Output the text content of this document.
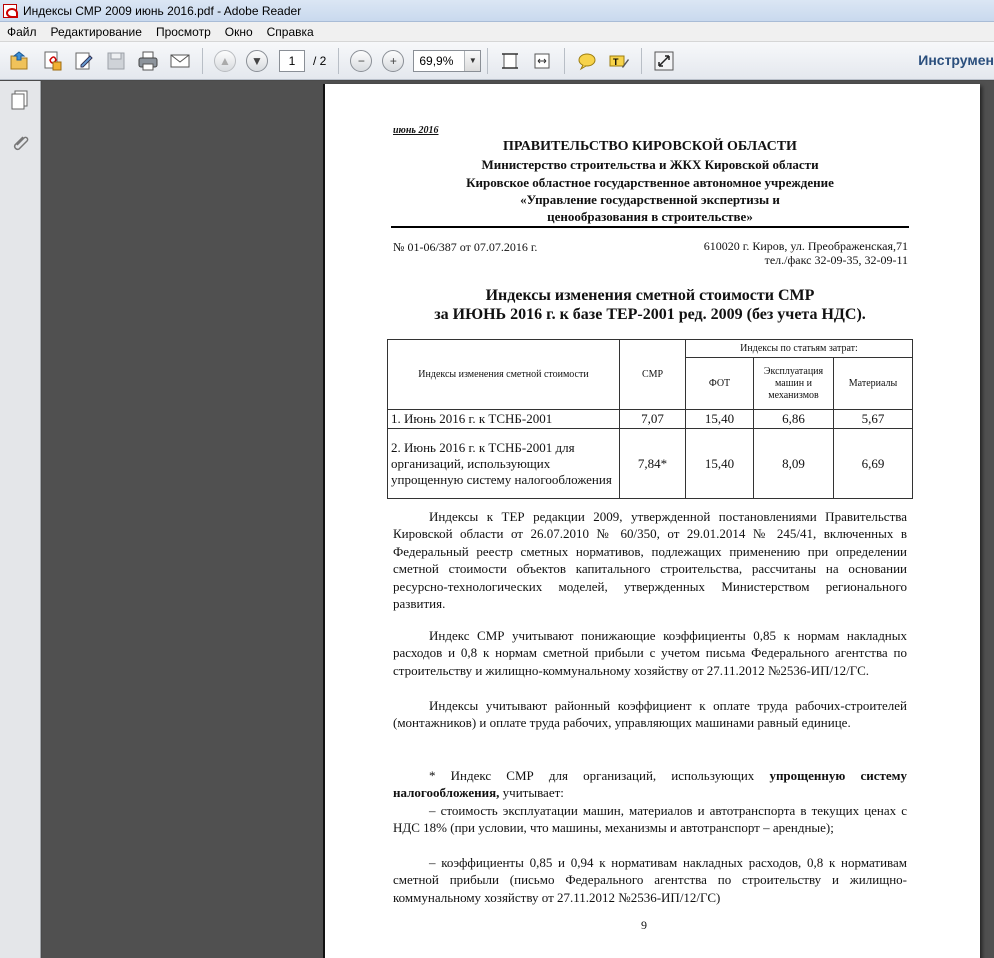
Индексы СМР 2009 июнь 2016.pdf - Adobe Reader
Файл	Редактирование	Просмотр	Окно	Справка
▲	▼	1	/ 2	−	+	69,9%	▼	T	Инструмен
июнь 2016
ПРАВИТЕЛЬСТВО КИРОВСКОЙ ОБЛАСТИ
Министерство строительства и ЖКХ Кировской области
Кировское областное государственное автономное учреждение
«Управление государственной экспертизы и
ценообразования в строительстве»
№ 01-06/387 от 07.07.2016 г.	610020 г. Киров, ул. Преображенская,71
тел./факс 32-09-35, 32-09-11
Индексы изменения сметной стоимости СМР
за ИЮНЬ 2016 г. к базе ТЕР-2001 ред. 2009 (без учета НДС).
Индексы изменения сметной стоимости	СМР	Индексы по статьям затрат:		
		ФОТ	Эксплуатация машин и механизмов	Материалы
1. Июнь 2016 г. к ТСНБ-2001	7,07	15,40	6,86	5,67
2. Июнь 2016 г. к ТСНБ-2001 для организаций, использующих упрощенную систему налогообложения	7,84*	15,40	8,09	6,69
Индексы к ТЕР редакции 2009, утвержденной постановлениями Правительства Кировской области от 26.07.2010 № 60/350, от 29.01.2014 № 245/41, включенных в Федеральный реестр сметных нормативов, подлежащих применению при определении сметной стоимости объектов капитального строительства, рассчитаны на основании ресурсно-технологических моделей, утвержденных Министерством регионального развития.
Индекс СМР учитывают понижающие коэффициенты 0,85 к нормам накладных расходов и 0,8 к нормам сметной прибыли с учетом письма Федерального агентства по строительству и жилищно-коммунальному хозяйству от 27.11.2012 №2536-ИП/12/ГС.
Индексы учитывают районный коэффициент к оплате труда рабочих-строителей (монтажников) и оплате труда рабочих, управляющих машинами равный единице.
* Индекс СМР для организаций, использующих упрощенную систему налогообложения, учитывает:
– стоимость эксплуатации машин, материалов и автотранспорта в текущих ценах с НДС 18% (при условии, что машины, механизмы и автотранспорт – арендные);
– коэффициенты 0,85 и 0,94 к нормативам накладных расходов, 0,8 к нормативам сметной прибыли (письмо Федерального агентства по строительству и жилищно-коммунальному хозяйству от 27.11.2012 №2536-ИП/12/ГС)
9
